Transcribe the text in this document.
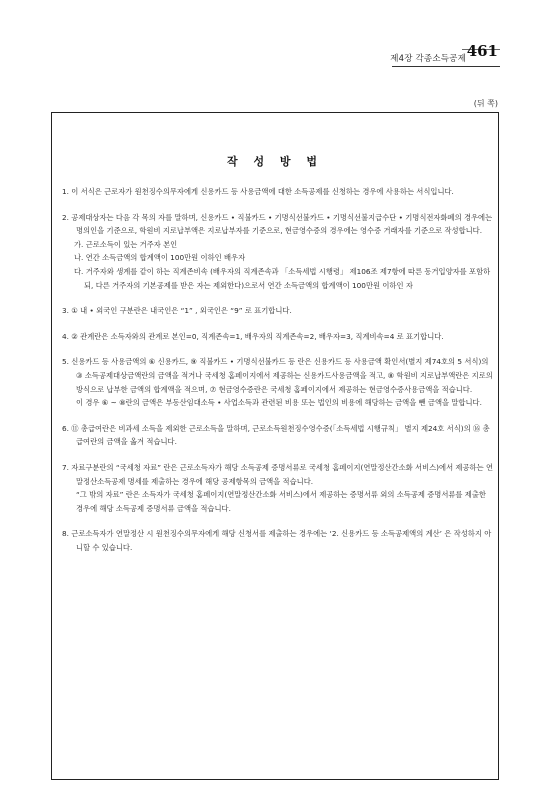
제4장 각종소득공제 461
(뒤 쪽)
작 성 방 법

1. 이 서식은 근로자가 원천징수의무자에게 신용카드 등 사용금액에 대한 소득공제를 신청하는 경우에 사용하는 서식입니다.

2. 공제대상자는 다음 각 목의 자를 말하며, 신용카드 • 직불카드 • 기명식선불카드 • 기명식선불지급수단 • 기명식전자화폐의 경우에는 명의인을 기준으로, 학원비 지로납부액은 지로납부자를 기준으로, 현금영수증의 경우에는 영수증 거래자를 기준으로 작성합니다.

가. 근로소득이 있는 거주자 본인

나. 연간 소득금액의 합계액이 100만원 이하인 배우자

다. 거주자와 생계를 같이 하는 직계존비속 (배우자의 직계존속과 「소득세법 시행령」 제106조 제7항에 따른 동거입양자를 포함하되, 다른 거주자의 기본공제를 받은 자는 제외한다)으로서 연간 소득금액의 합계액이 100만원 이하인 자

3. ① 내 • 외국인 구분란은 내국인은 “1” , 외국인은 “9” 로 표기합니다.

4. ② 관계란은 소득자와의 관계로 본인=0, 직계존속=1, 배우자의 직계존속=2, 배우자=3, 직계비속=4 로 표기합니다.

5. 신용카드 등 사용금액의 ⑥ 신용카드, ⑨ 직불카드 • 기명식선불카드 등 란은 신용카드 등 사용금액 확인서(별지 제74호의 5 서식)의 ③ 소득공제대상금액란의 금액을 적거나 국세청 홈페이지에서 제공하는 신용카드사용금액을 적고, ⑧ 학원비 지로납부액란은 지로의 방식으로 납부한 금액의 합계액을 적으며, ⑦ 현금영수증란은 국세청 홈페이지에서 제공하는 현금영수증사용금액을 적습니다.

이 경우 ⑥ ~ ⑧란의 금액은 부동산임대소득 • 사업소득과 관련된 비용 또는 법인의 비용에 해당하는 금액을 뺀 금액을 말합니다.

6. ⑪ 총급여란은 비과세 소득을 제외한 근로소득을 말하며, 근로소득원천징수영수증(「소득세법 시행규칙」 별지 제24호 서식)의 ⑯ 총급여란의 금액을 옮겨 적습니다.

7. 자료구분란의 “국세청 자료” 란은 근로소득자가 해당 소득공제 증명서류로 국세청 홈페이지(연말정산간소화 서비스)에서 제공하는 연말정산소득공제 명세를 제출하는 경우에 해당 공제항목의 금액을 적습니다.

“그 밖의 자료” 란은 소득자가 국세청 홈페이지(연말정산간소화 서비스)에서 제공하는 증명서류 외의 소득공제 증명서류를 제출한 경우에 해당 소득공제 증명서류 금액을 적습니다.

8. 근로소득자가 연말정산 시 원천징수의무자에게 해당 신청서를 제출하는 경우에는 ‘2. 신용카드 등 소득공제액의 계산’ 은 작성하지 아니할 수 있습니다.
